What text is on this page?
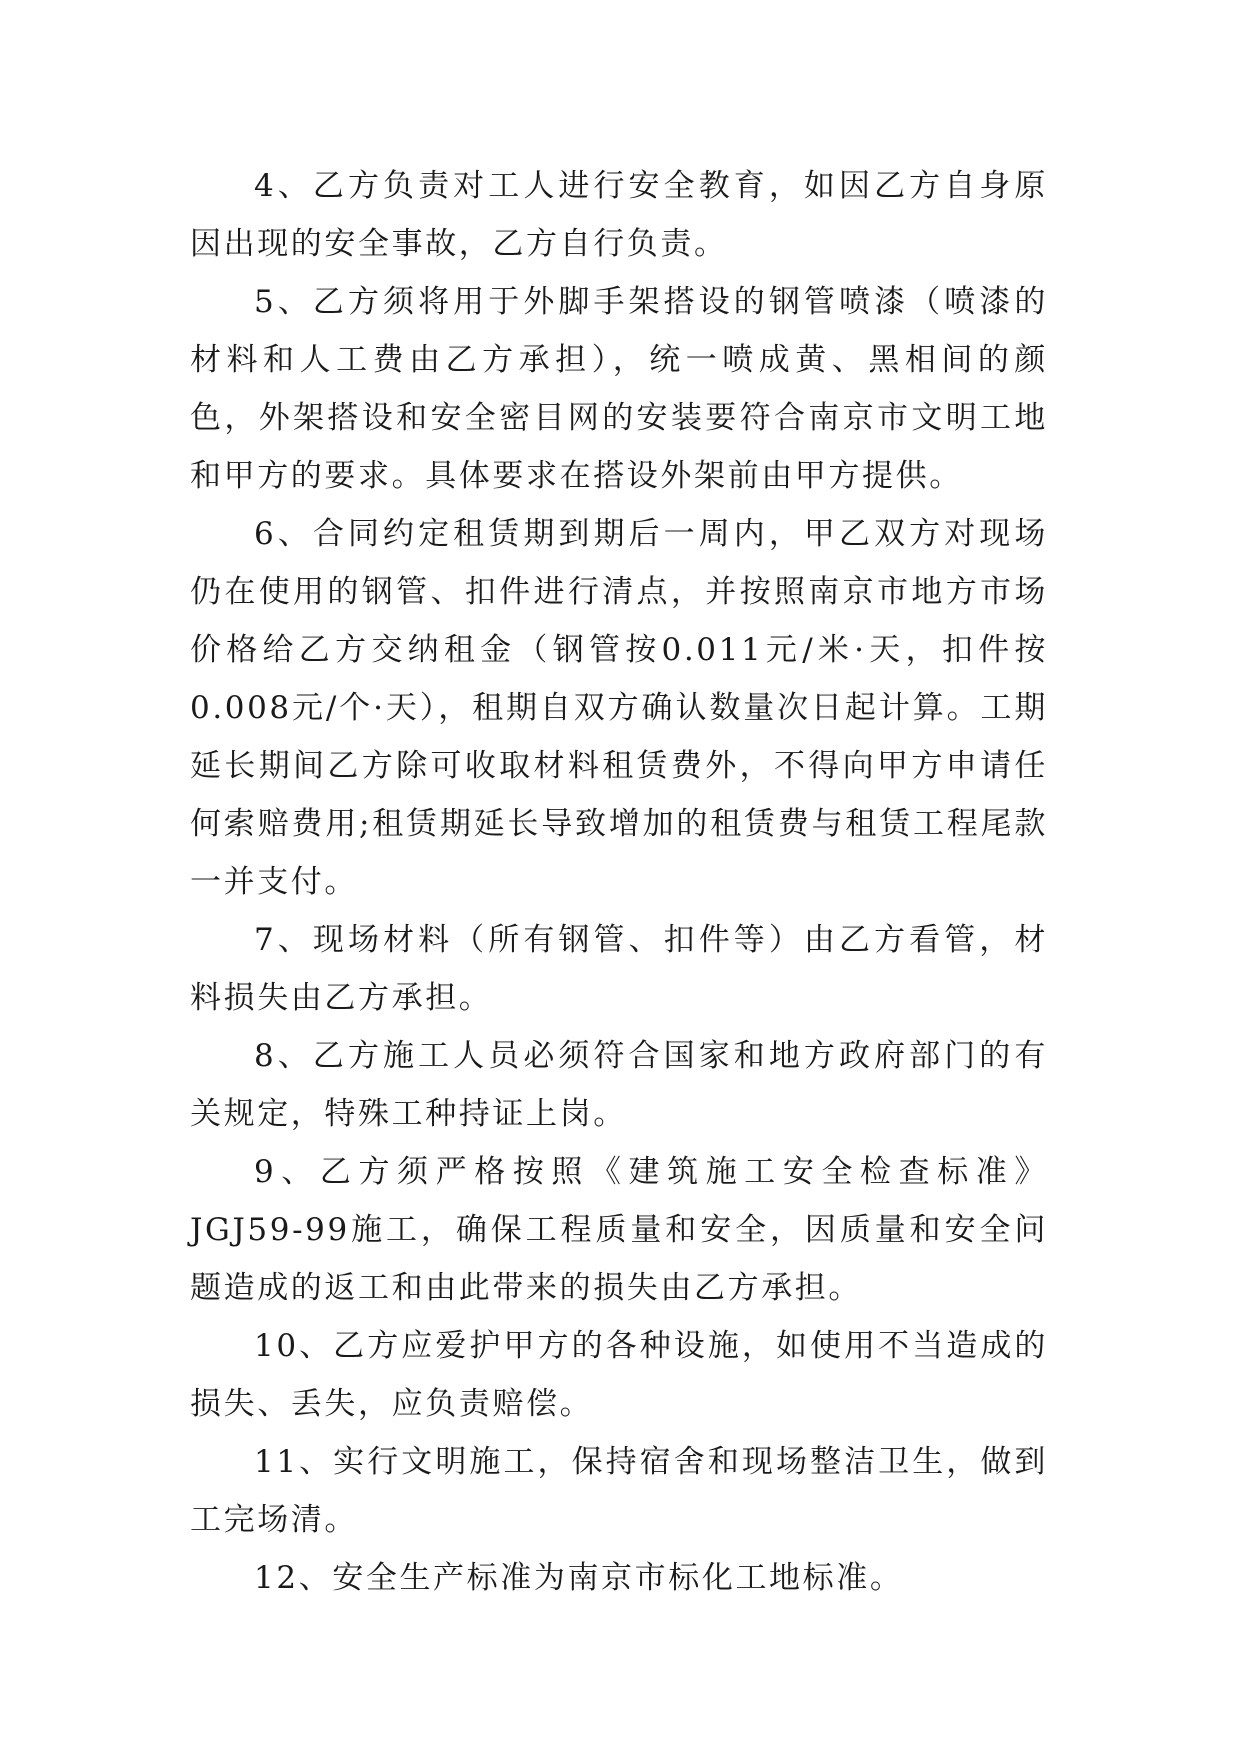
4、乙方负责对工人进行安全教育，如因乙方自身原因出现的安全事故，乙方自行负责。

5、乙方须将用于外脚手架搭设的钢管喷漆（喷漆的材料和人工费由乙方承担），统一喷成黄、黑相间的颜色，外架搭设和安全密目网的安装要符合南京市文明工地和甲方的要求。具体要求在搭设外架前由甲方提供。

6、合同约定租赁期到期后一周内，甲乙双方对现场仍在使用的钢管、扣件进行清点，并按照南京市地方市场价格给乙方交纳租金（钢管按0.011元/米·天，扣件按0.008元/个·天），租期自双方确认数量次日起计算。工期延长期间乙方除可收取材料租赁费外，不得向甲方申请任何索赔费用;租赁期延长导致增加的租赁费与租赁工程尾款一并支付。

7、现场材料（所有钢管、扣件等）由乙方看管，材料损失由乙方承担。

8、乙方施工人员必须符合国家和地方政府部门的有关规定，特殊工种持证上岗。

9、乙方须严格按照《建筑施工安全检查标准》JGJ59-99施工，确保工程质量和安全，因质量和安全问题造成的返工和由此带来的损失由乙方承担。

10、乙方应爱护甲方的各种设施，如使用不当造成的损失、丢失，应负责赔偿。

11、实行文明施工，保持宿舍和现场整洁卫生，做到工完场清。

12、安全生产标准为南京市标化工地标准。
